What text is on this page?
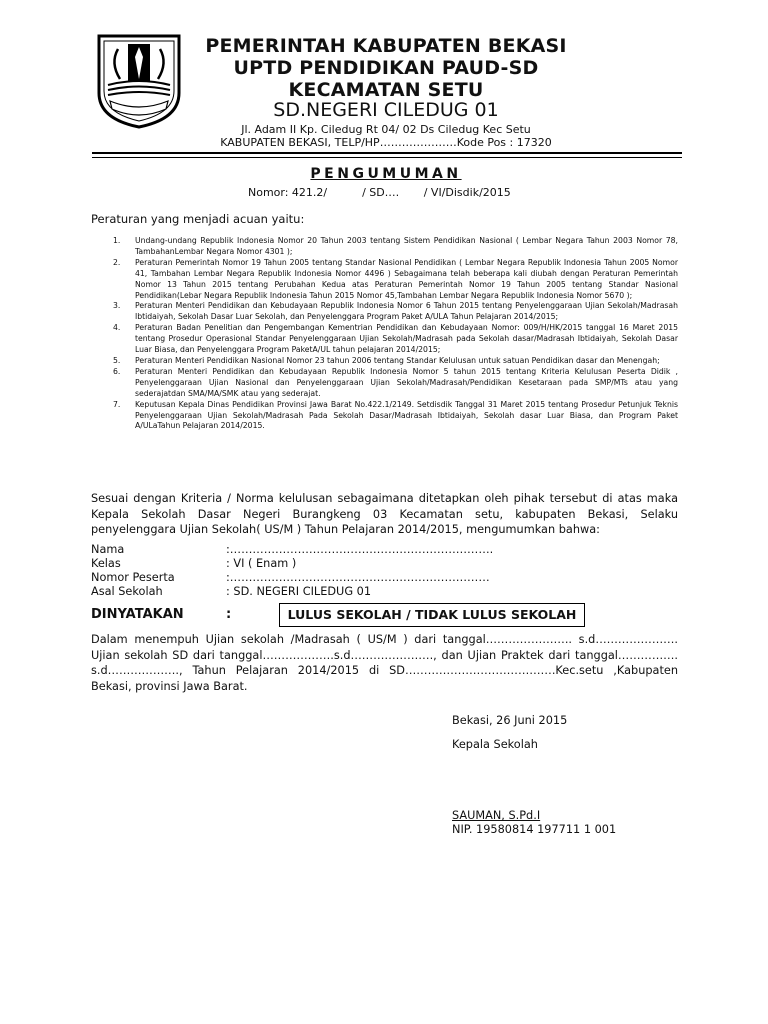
PEMERINTAH KABUPATEN BEKASI
UPTD PENDIDIKAN PAUD-SD
KECAMATAN SETU
SD.NEGERI CILEDUG 01
Jl. Adam II Kp. Ciledug Rt 04/ 02 Ds Ciledug Kec Setu
KABUPATEN BEKASI, TELP/HP…………………Kode Pos : 17320
PENGUMUMAN
Nomor: 421.2/          / SD.…       / VI/Disdik/2015
Peraturan yang menjadi acuan yaitu:
1. Undang-undang Republik Indonesia Nomor 20 Tahun 2003 tentang Sistem Pendidikan Nasional ( Lembar Negara Tahun 2003 Nomor 78, TambahanLembar Negara Nomor 4301 );
2. Peraturan Pemerintah Nomor 19 Tahun 2005 tentang Standar Nasional Pendidikan ( Lembar Negara Republik Indonesia Tahun 2005 Nomor 41, Tambahan Lembar Negara Republik Indonesia Nomor 4496 ) Sebagaimana telah beberapa kali diubah dengan Peraturan Pemerintah Nomor 13 Tahun 2015 tentang Perubahan Kedua atas Peraturan Pemerintah Nomor 19 Tahun 2005 tentang Standar Nasional Pendidikan(Lebar Negara Republik Indonesia Tahun 2015 Nomor 45,Tambahan Lembar Negara Republik Indonesia Nomor 5670 );
3. Peraturan Menteri Pendidikan dan Kebudayaan Republik Indonesia Nomor 6 Tahun 2015 tentang Penyelenggaraan Ujian Sekolah/Madrasah Ibtidaiyah, Sekolah Dasar Luar Sekolah, dan Penyelenggara Program Paket A/ULA Tahun Pelajaran 2014/2015;
4. Peraturan Badan Penelitian dan Pengembangan Kementrian Pendidikan dan Kebudayaan Nomor: 009/H/HK/2015 tanggal 16 Maret 2015 tentang Prosedur Operasional Standar Penyelenggaraan Ujian Sekolah/Madrasah pada Sekolah dasar/Madrasah Ibtidaiyah, Sekolah Dasar Luar Biasa, dan Penyelenggara Program PaketA/UL tahun pelajaran 2014/2015;
5. Peraturan Menteri Pendidikan Nasional Nomor 23 tahun 2006 tentang Standar Kelulusan untuk satuan Pendidikan dasar dan Menengah;
6. Peraturan Menteri Pendidikan dan Kebudayaan Republik Indonesia Nomor 5 tahun 2015 tentang Kriteria Kelulusan Peserta Didik , Penyelenggaraan Ujian Nasional dan Penyelenggaraan Ujian Sekolah/Madrasah/Pendidikan Kesetaraan pada SMP/MTs atau yang sederajatdan SMA/MA/SMK atau yang sederajat.
7. Keputusan Kepala Dinas Pendidikan Provinsi Jawa Barat No.422.1/2149. Setdisdik Tanggal 31 Maret 2015 tentang Prosedur Petunjuk Teknis Penyelenggaraan Ujian Sekolah/Madrasah Pada Sekolah Dasar/Madrasah Ibtidaiyah, Sekolah dasar Luar Biasa, dan Program Paket A/ULaTahun Pelajaran 2014/2015.
Sesuai dengan Kriteria / Norma kelulusan sebagaimana ditetapkan oleh pihak tersebut di atas maka Kepala Sekolah Dasar Negeri Burangkeng 03 Kecamatan setu, kabupaten Bekasi, Selaku penyelenggara Ujian Sekolah( US/M ) Tahun Pelajaran 2014/2015, mengumumkan bahwa:
Nama	:…………………………………………………………….
Kelas	: VI ( Enam )
Nomor Peserta	:……………………………………………………………
Asal Sekolah	: SD. NEGERI CILEDUG 01
DINYATAKAN	:	LULUS SEKOLAH / TIDAK LULUS SEKOLAH
Dalam menempuh Ujian sekolah /Madrasah ( US/M ) dari tanggal………………….. s.d…………………. Ujian sekolah SD dari tanggal……………….s.d…………………., dan Ujian Praktek dari tanggal……………. s.d………………., Tahun Pelajaran 2014/2015 di SD………………………………….Kec.setu ,Kabupaten Bekasi, provinsi Jawa Barat.
Bekasi, 26 Juni 2015
Kepala Sekolah
SAUMAN, S.Pd.I
NIP. 19580814 197711 1 001
